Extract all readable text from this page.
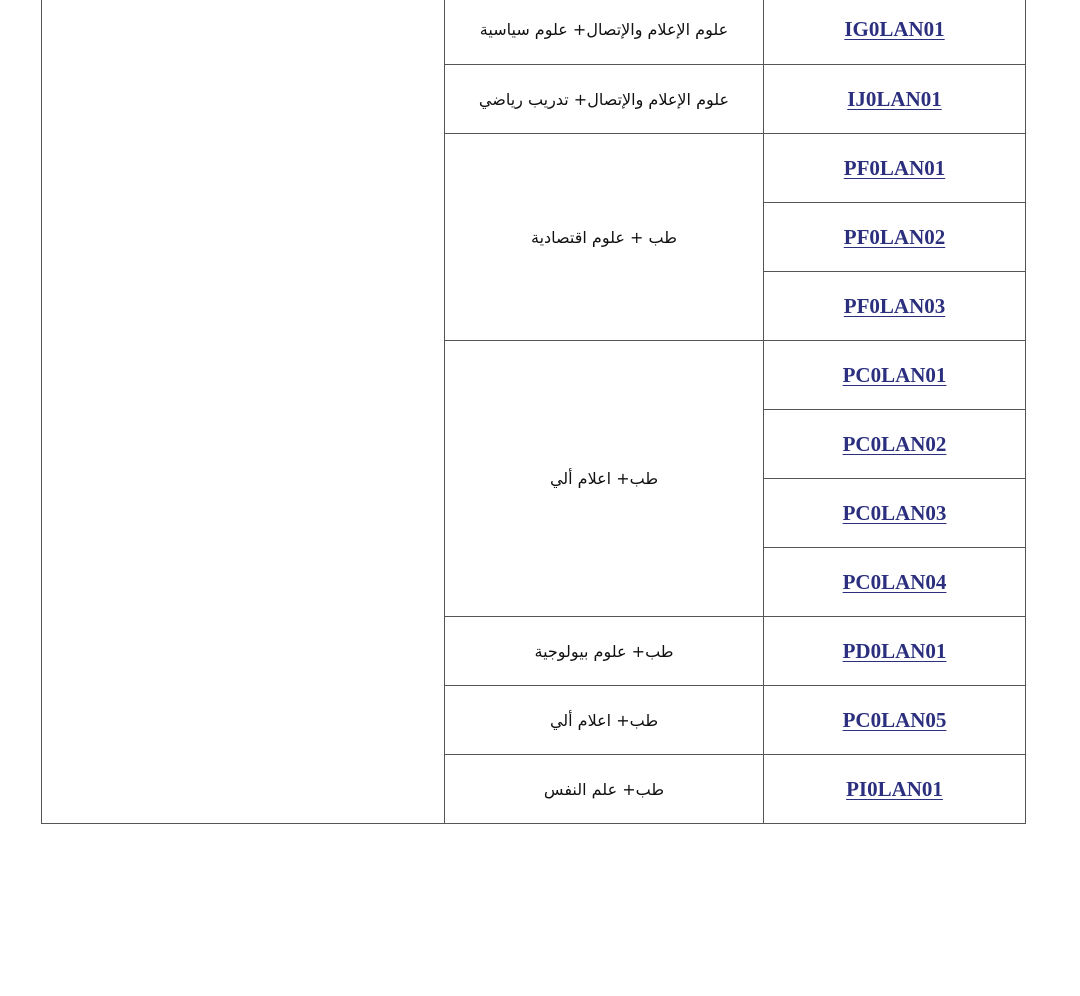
	علوم الإعلام والإتصال+ علوم سياسية	IG0LAN01
	علوم الإعلام والإتصال+ تدريب رياضي	IJ0LAN01
	طب + علوم اقتصادية	PF0LAN01
		PF0LAN02
		PF0LAN03
	طب+ اعلام ألي	PC0LAN01
		PC0LAN02
		PC0LAN03
		PC0LAN04
	طب+ علوم بيولوجية	PD0LAN01
	طب+ اعلام ألي	PC0LAN05
	طب+ علم النفس	PI0LAN01
